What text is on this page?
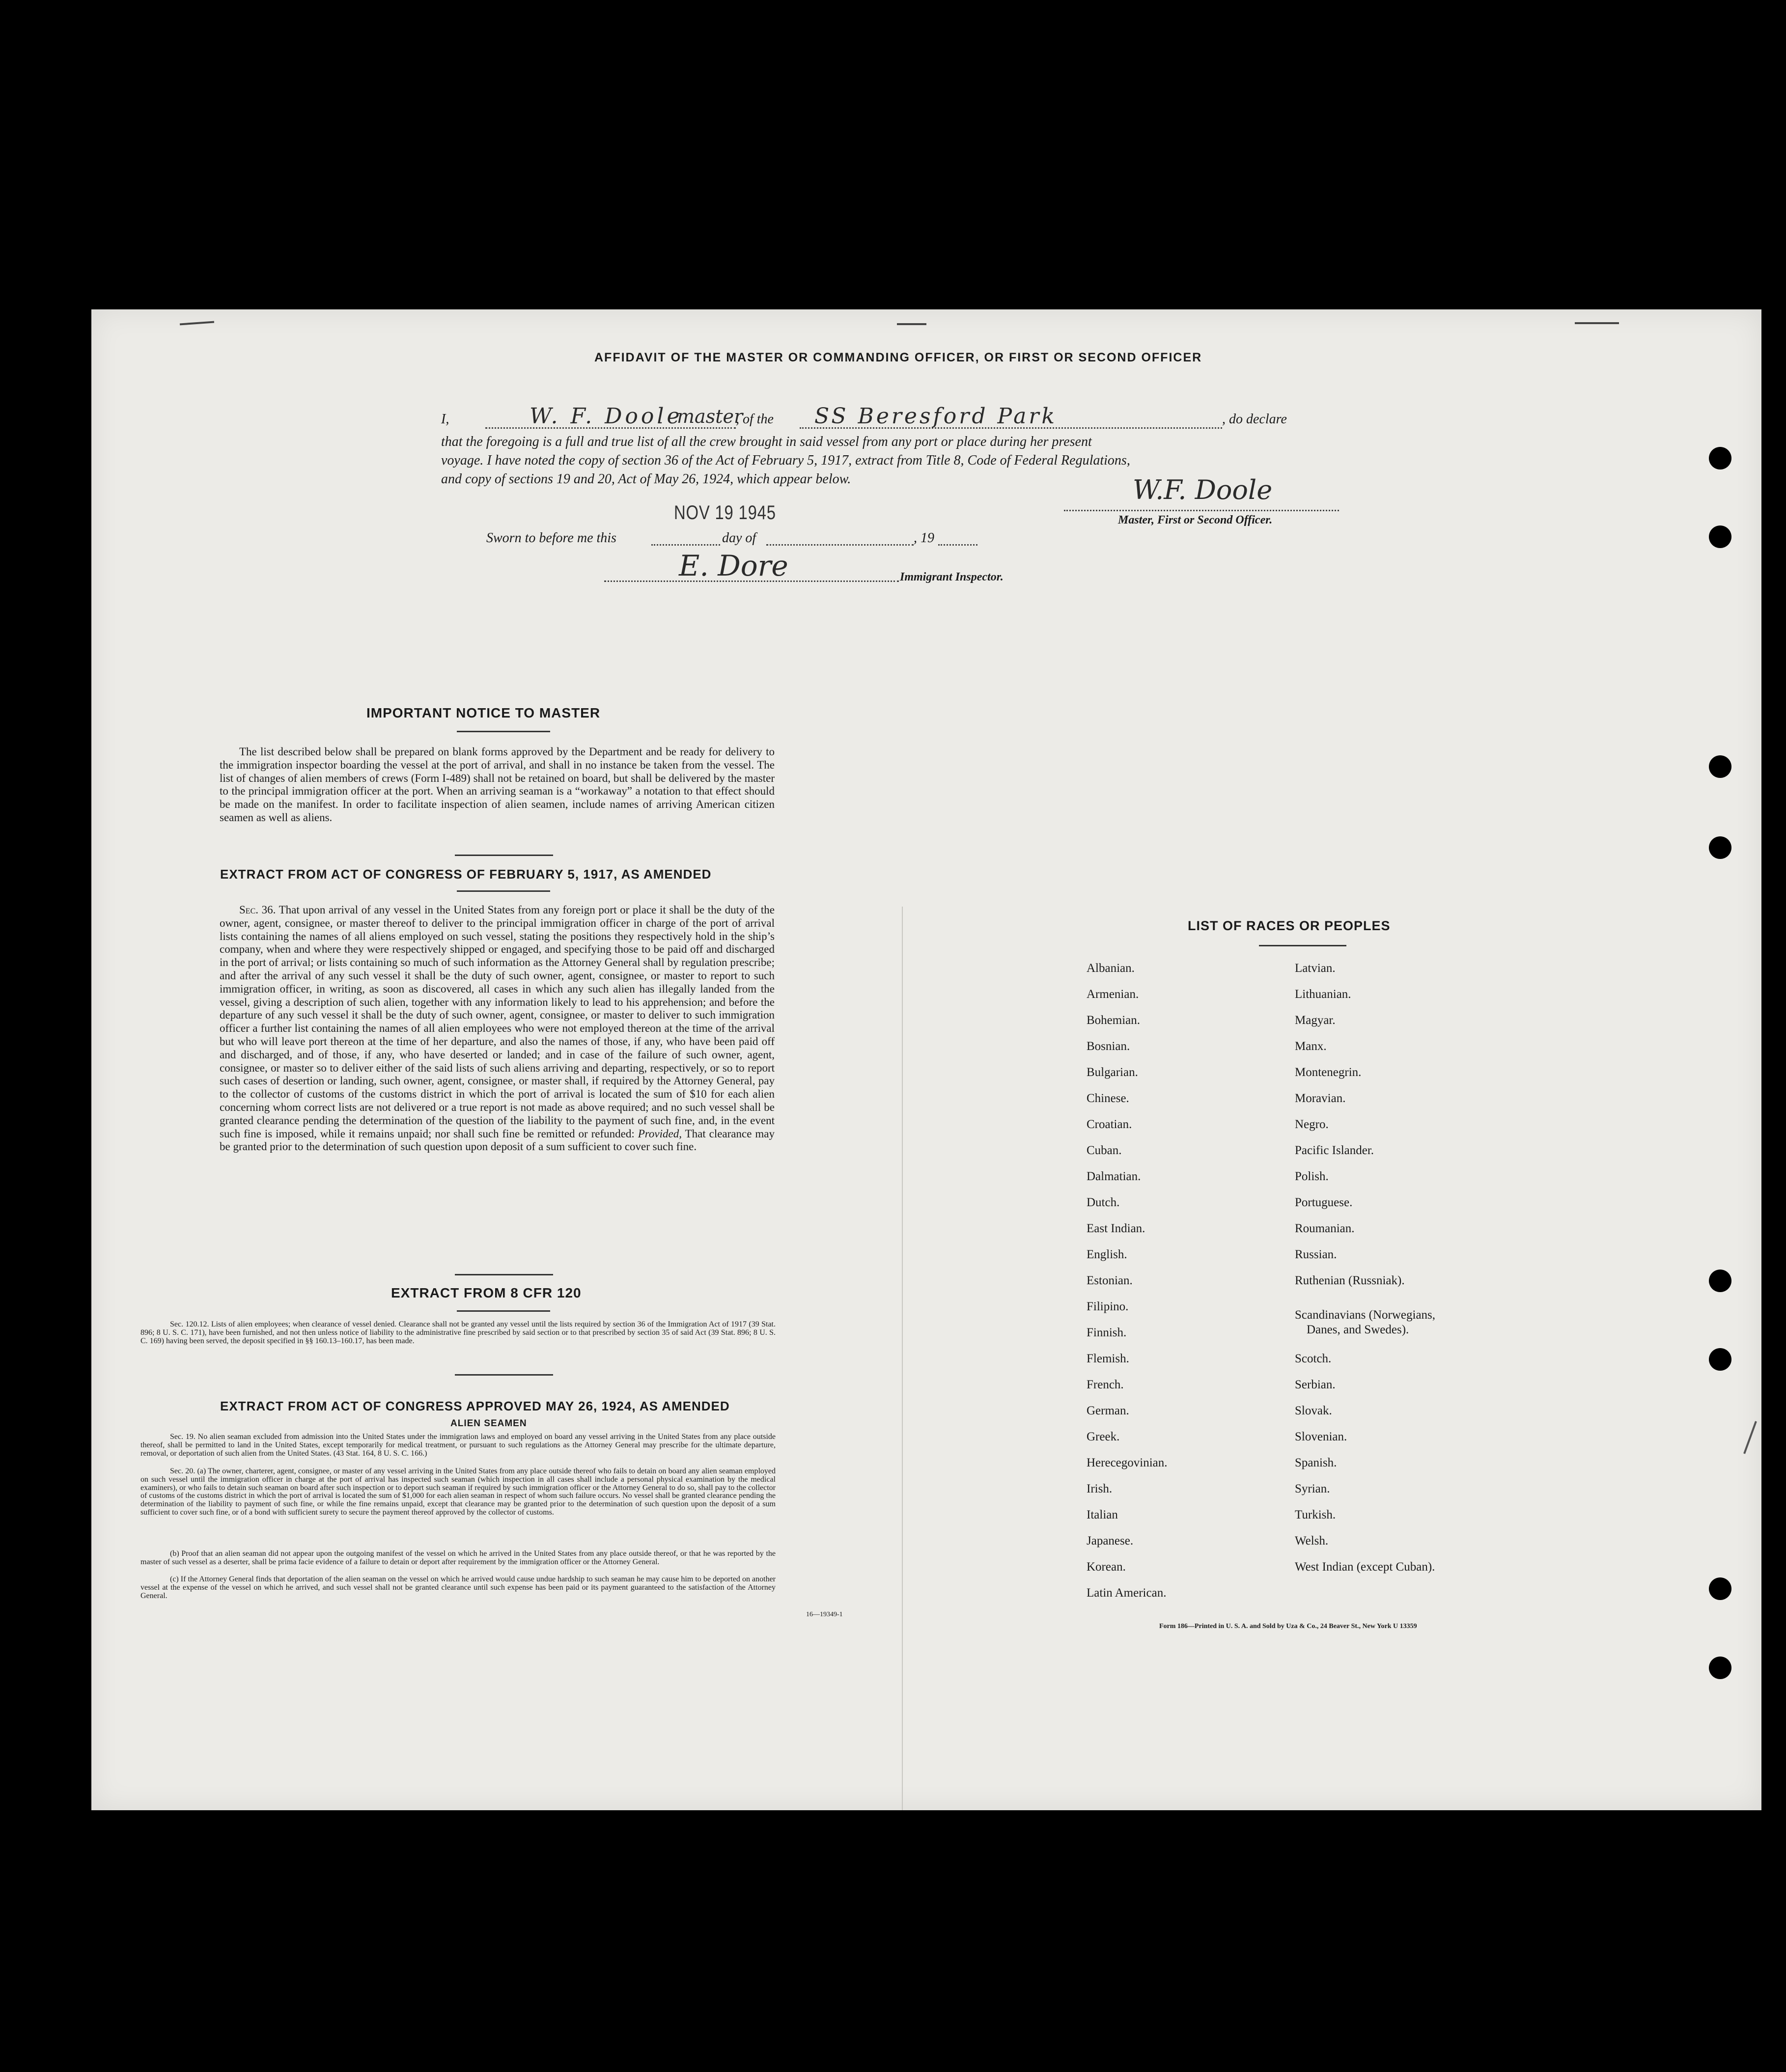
AFFIDAVIT OF THE MASTER OR COMMANDING OFFICER, OR FIRST OR SECOND OFFICER
I,	W. F. Doole
master
, of the SS Beresford Park	, do declare
that the foregoing is a full and true list of all the crew brought in said vessel from any port or place during her present
voyage. I have noted the copy of section 36 of the Act of February 5, 1917, extract from Title 8, Code of Federal Regulations,
and copy of sections 19 and 20, Act of May 26, 1924, which appear below.
NOV 19 1945
W.F. Doole
Master, First or Second Officer.
Sworn to before me this	day of	, 19
E. Dore	Immigrant Inspector.
IMPORTANT NOTICE TO MASTER
The list described below shall be prepared on blank forms approved by the Department and be ready for delivery to the immigration inspector boarding the vessel at the port of arrival, and shall in no instance be taken from the vessel. The list of changes of alien members of crews (Form I-489) shall not be retained on board, but shall be delivered by the master to the principal immigration officer at the port. When an arriving seaman is a “workaway” a notation to that effect should be made on the manifest. In order to facilitate inspection of alien seamen, include names of arriving American citizen seamen as well as aliens.
EXTRACT FROM ACT OF CONGRESS OF FEBRUARY 5, 1917, AS AMENDED
Sec. 36. That upon arrival of any vessel in the United States from any foreign port or place it shall be the duty of the owner, agent, consignee, or master thereof to deliver to the principal immigration officer in charge of the port of arrival lists containing the names of all aliens employed on such vessel, stating the positions they respectively hold in the ship’s company, when and where they were respectively shipped or engaged, and specifying those to be paid off and discharged in the port of arrival; or lists containing so much of such information as the Attorney General shall by regulation prescribe; and after the arrival of any such vessel it shall be the duty of such owner, agent, consignee, or master to report to such immigration officer, in writing, as soon as discovered, all cases in which any such alien has illegally landed from the vessel, giving a description of such alien, together with any information likely to lead to his apprehension; and before the departure of any such vessel it shall be the duty of such owner, agent, consignee, or master to deliver to such immigration officer a further list containing the names of all alien employees who were not employed thereon at the time of the arrival but who will leave port thereon at the time of her departure, and also the names of those, if any, who have been paid off and discharged, and of those, if any, who have deserted or landed; and in case of the failure of such owner, agent, consignee, or master so to deliver either of the said lists of such aliens arriving and departing, respectively, or so to report such cases of desertion or landing, such owner, agent, consignee, or master shall, if required by the Attorney General, pay to the collector of customs of the customs district in which the port of arrival is located the sum of $10 for each alien concerning whom correct lists are not delivered or a true report is not made as above required; and no such vessel shall be granted clearance pending the determination of the question of the liability to the payment of such fine, and, in the event such fine is imposed, while it remains unpaid; nor shall such fine be remitted or refunded: Provided, That clearance may be granted prior to the determination of such question upon deposit of a sum sufficient to cover such fine.
EXTRACT FROM 8 CFR 120
Sec. 120.12. Lists of alien employees; when clearance of vessel denied. Clearance shall not be granted any vessel until the lists required by section 36 of the Immigration Act of 1917 (39 Stat. 896; 8 U. S. C. 171), have been furnished, and not then unless notice of liability to the administrative fine prescribed by said section or to that prescribed by section 35 of said Act (39 Stat. 896; 8 U. S. C. 169) having been served, the deposit specified in §§ 160.13–160.17, has been made.
EXTRACT FROM ACT OF CONGRESS APPROVED MAY 26, 1924, AS AMENDED
ALIEN SEAMEN
Sec. 19. No alien seaman excluded from admission into the United States under the immigration laws and employed on board any vessel arriving in the United States from any place outside thereof, shall be permitted to land in the United States, except temporarily for medical treatment, or pursuant to such regulations as the Attorney General may prescribe for the ultimate departure, removal, or deportation of such alien from the United States. (43 Stat. 164, 8 U. S. C. 166.)
Sec. 20. (a) The owner, charterer, agent, consignee, or master of any vessel arriving in the United States from any place outside thereof who fails to detain on board any alien seaman employed on such vessel until the immigration officer in charge at the port of arrival has inspected such seaman (which inspection in all cases shall include a personal physical examination by the medical examiners), or who fails to detain such seaman on board after such inspection or to deport such seaman if required by such immigration officer or the Attorney General to do so, shall pay to the collector of customs of the customs district in which the port of arrival is located the sum of $1,000 for each alien seaman in respect of whom such failure occurs. No vessel shall be granted clearance pending the determination of the liability to payment of such fine, or while the fine remains unpaid, except that clearance may be granted prior to the determination of such question upon the deposit of a sum sufficient to cover such fine, or of a bond with sufficient surety to secure the payment thereof approved by the collector of customs.
(b) Proof that an alien seaman did not appear upon the outgoing manifest of the vessel on which he arrived in the United States from any place outside thereof, or that he was reported by the master of such vessel as a deserter, shall be prima facie evidence of a failure to detain or deport after requirement by the immigration officer or the Attorney General.
(c) If the Attorney General finds that deportation of the alien seaman on the vessel on which he arrived would cause undue hardship to such seaman he may cause him to be deported on another vessel at the expense of the vessel on which he arrived, and such vessel shall not be granted clearance until such expense has been paid or its payment guaranteed to the satisfaction of the Attorney General.
16—19349-1
LIST OF RACES OR PEOPLES
Albanian.
Armenian.
Bohemian.
Bosnian.
Bulgarian.
Chinese.
Croatian.
Cuban.
Dalmatian.
Dutch.
East Indian.
English.
Estonian.
Filipino.
Finnish.
Flemish.
French.
German.
Greek.
Herecegovinian.
Irish.
Italian
Japanese.
Korean.
Latin American.
Latvian.
Lithuanian.
Magyar.
Manx.
Montenegrin.
Moravian.
Negro.
Pacific Islander.
Polish.
Portuguese.
Roumanian.
Russian.
Ruthenian (Russniak).
Scandinavians (Norwegians,
Danes, and Swedes).
Scotch.
Serbian.
Slovak.
Slovenian.
Spanish.
Syrian.
Turkish.
Welsh.
West Indian (except Cuban).
Form 186—Printed in U. S. A. and Sold by Uza & Co., 24 Beaver St., New York U 13359
